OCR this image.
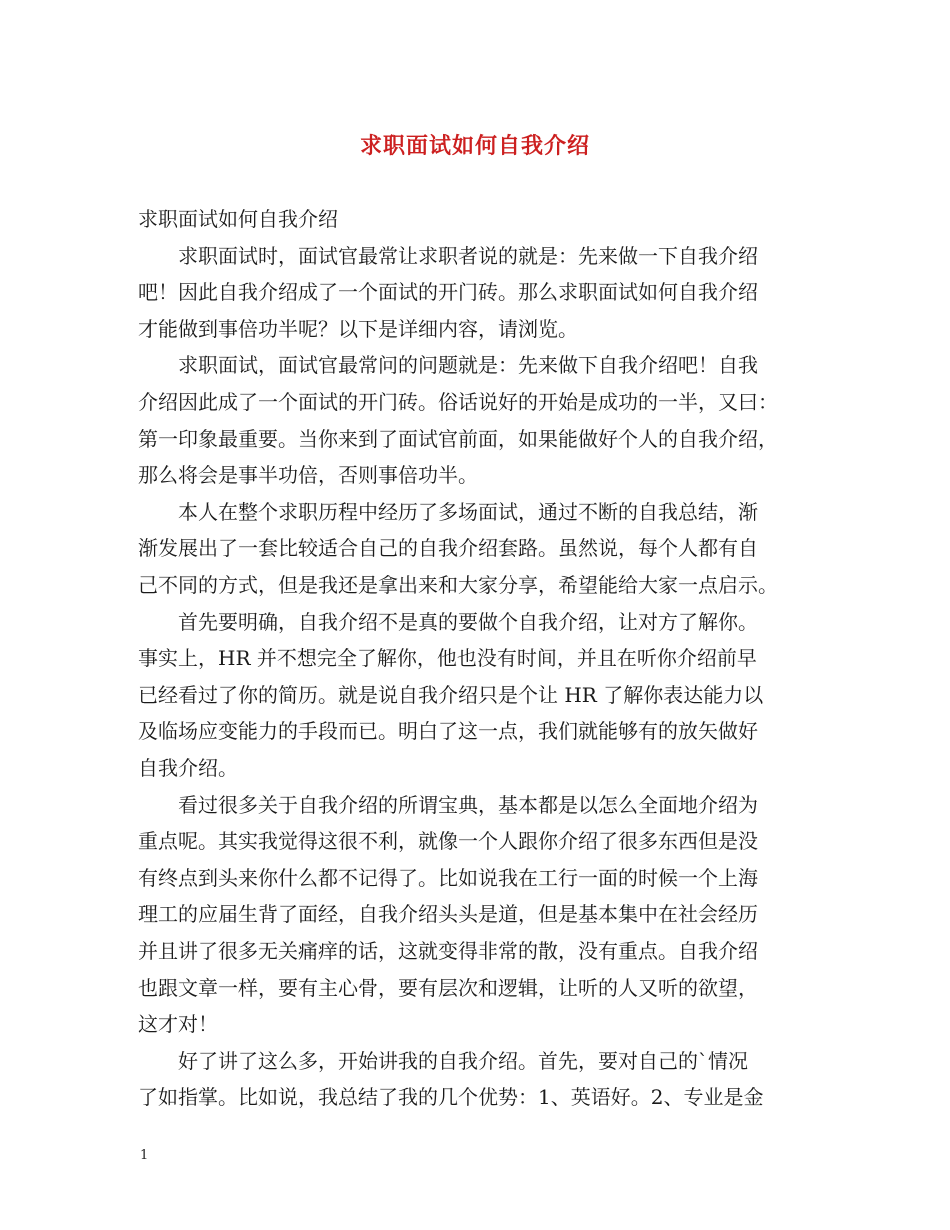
求职面试如何自我介绍
求职面试如何自我介绍
　　求职面试时，面试官最常让求职者说的就是：先来做一下自我介绍
吧！因此自我介绍成了一个面试的开门砖。那么求职面试如何自我介绍
才能做到事倍功半呢？以下是详细内容，请浏览。
　　求职面试，面试官最常问的问题就是：先来做下自我介绍吧！自我
介绍因此成了一个面试的开门砖。俗话说好的开始是成功的一半，又曰：
第一印象最重要。当你来到了面试官前面，如果能做好个人的自我介绍，
那么将会是事半功倍，否则事倍功半。
　　本人在整个求职历程中经历了多场面试，通过不断的自我总结，渐
渐发展出了一套比较适合自己的自我介绍套路。虽然说，每个人都有自
己不同的方式，但是我还是拿出来和大家分享，希望能给大家一点启示。
　　首先要明确，自我介绍不是真的要做个自我介绍，让对方了解你。
事实上，HR 并不想完全了解你，他也没有时间，并且在听你介绍前早
已经看过了你的简历。就是说自我介绍只是个让 HR 了解你表达能力以
及临场应变能力的手段而已。明白了这一点，我们就能够有的放矢做好
自我介绍。
　　看过很多关于自我介绍的所谓宝典，基本都是以怎么全面地介绍为
重点呢。其实我觉得这很不利，就像一个人跟你介绍了很多东西但是没
有终点到头来你什么都不记得了。比如说我在工行一面的时候一个上海
理工的应届生背了面经，自我介绍头头是道，但是基本集中在社会经历
并且讲了很多无关痛痒的话，这就变得非常的散，没有重点。自我介绍
也跟文章一样，要有主心骨，要有层次和逻辑，让听的人又听的欲望，
这才对！
　　好了讲了这么多，开始讲我的自我介绍。首先，要对自己的`情况
了如指掌。比如说，我总结了我的几个优势：1、英语好。2、专业是金
1
